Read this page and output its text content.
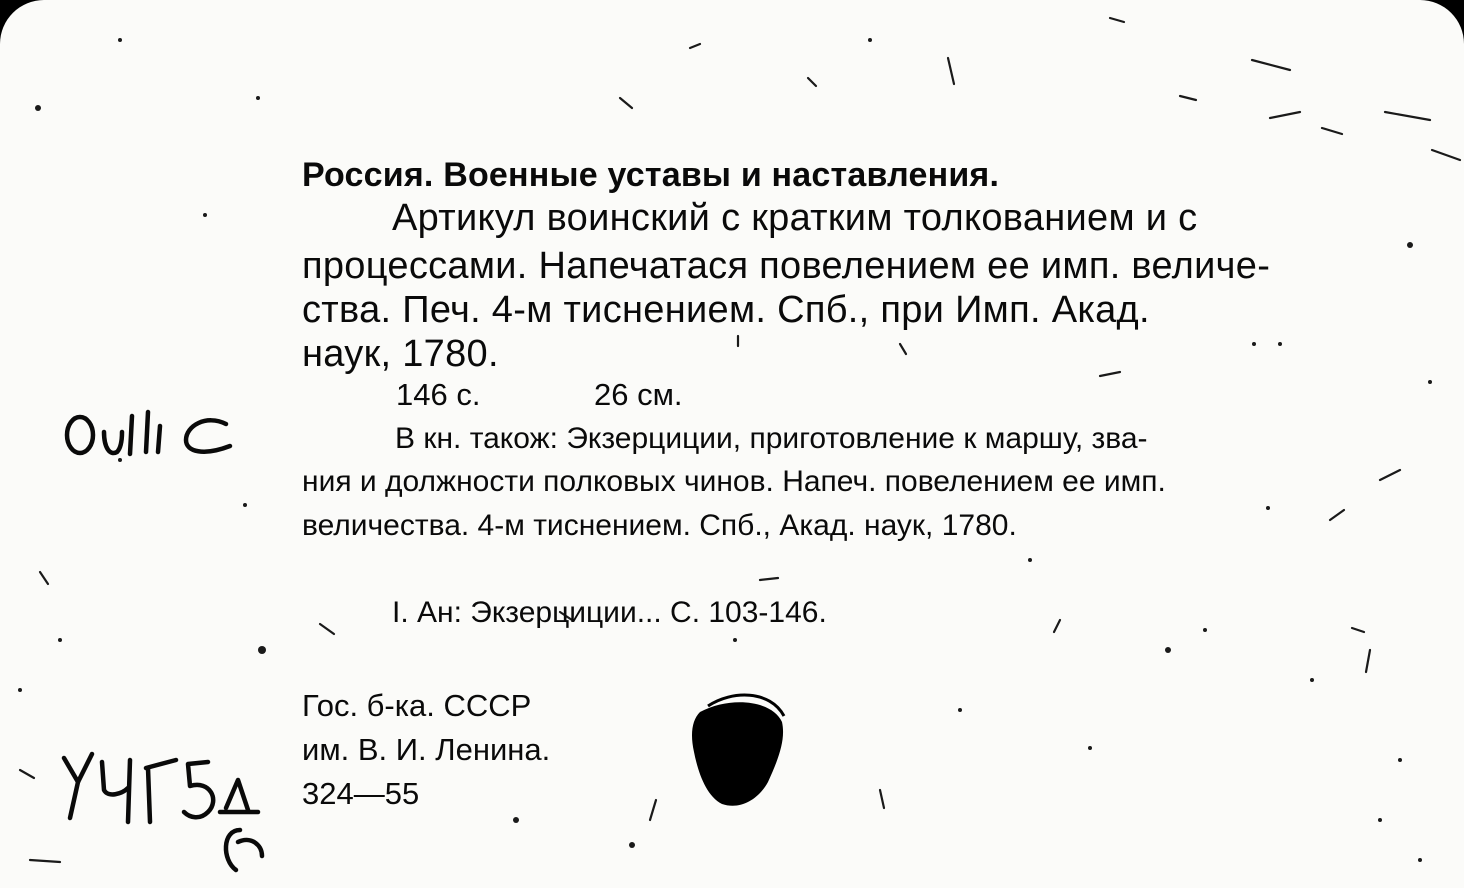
Россия. Военные уставы и наставления.
Артикул воинский с кратким толкованием и с
процессами. Напечатася повелением ее имп. величе-
ства. Печ. 4-м тиснением. Спб., при Имп. Акад.
наук, 1780.
146 с.	26 см.
В кн. також: Экзерциции, приготовление к маршу, зва-
ния и должности полковых чинов. Напеч. повелением ее имп.
величества. 4-м тиснением. Спб., Акад. наук, 1780.
I. Ан: Экзерциции... С. 103-146.
Гос. б-ка. СССР
им. В. И. Ленина.
324—55
